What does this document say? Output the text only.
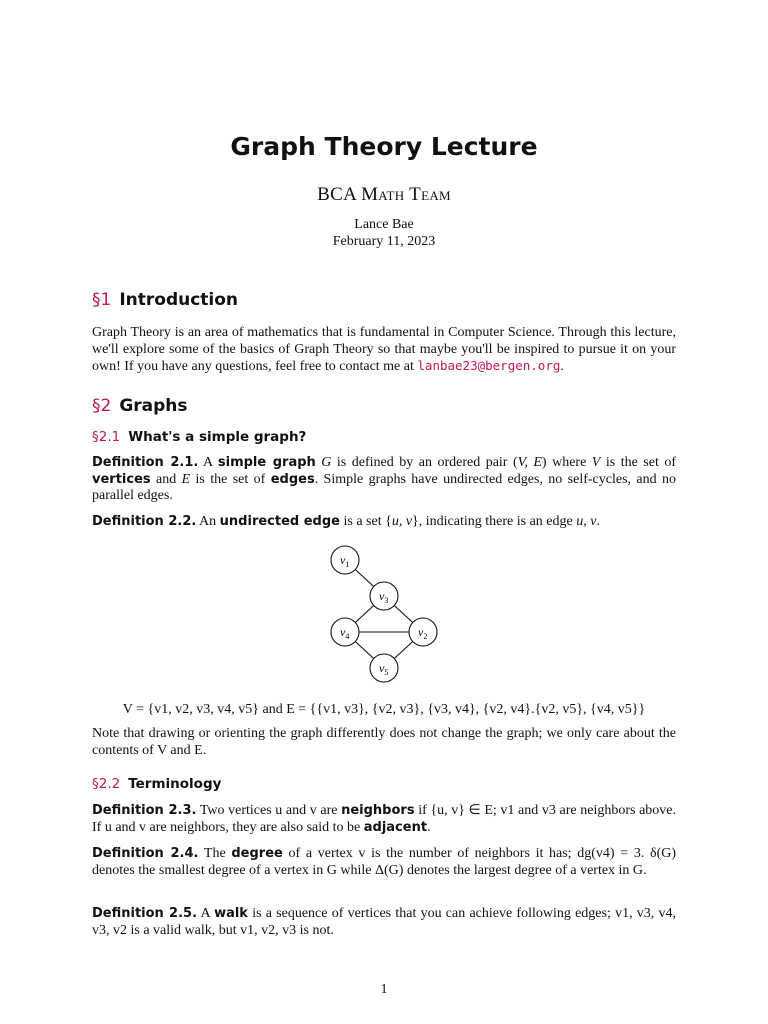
Graph Theory Lecture
BCA Math Team
Lance Bae
February 11, 2023
§1 Introduction
Graph Theory is an area of mathematics that is fundamental in Computer Science. Through this lecture, we'll explore some of the basics of Graph Theory so that maybe you'll be inspired to pursue it on your own! If you have any questions, feel free to contact me at lanbae23@bergen.org.
§2 Graphs
§2.1 What's a simple graph?
Definition 2.1. A simple graph G is defined by an ordered pair (V, E) where V is the set of vertices and E is the set of edges. Simple graphs have undirected edges, no self-cycles, and no parallel edges.
Definition 2.2. An undirected edge is a set {u, v}, indicating there is an edge u, v.
$v_1$
$v_3$
$v_4$	$v_2$
$v_5$
V = {v1, v2, v3, v4, v5} and E = {{v1, v3}, {v2, v3}, {v3, v4}, {v2, v4}.{v2, v5}, {v4, v5}}
Note that drawing or orienting the graph differently does not change the graph; we only care about the contents of V and E.
§2.2 Terminology
Definition 2.3. Two vertices u and v are neighbors if {u, v} ∈ E; v1 and v3 are neighbors above. If u and v are neighbors, they are also said to be adjacent.
Definition 2.4. The degree of a vertex v is the number of neighbors it has; dg(v4) = 3. δ(G) denotes the smallest degree of a vertex in G while Δ(G) denotes the largest degree of a vertex in G.
Definition 2.5. A walk is a sequence of vertices that you can achieve following edges; v1, v3, v4, v3, v2 is a valid walk, but v1, v2, v3 is not.
1
